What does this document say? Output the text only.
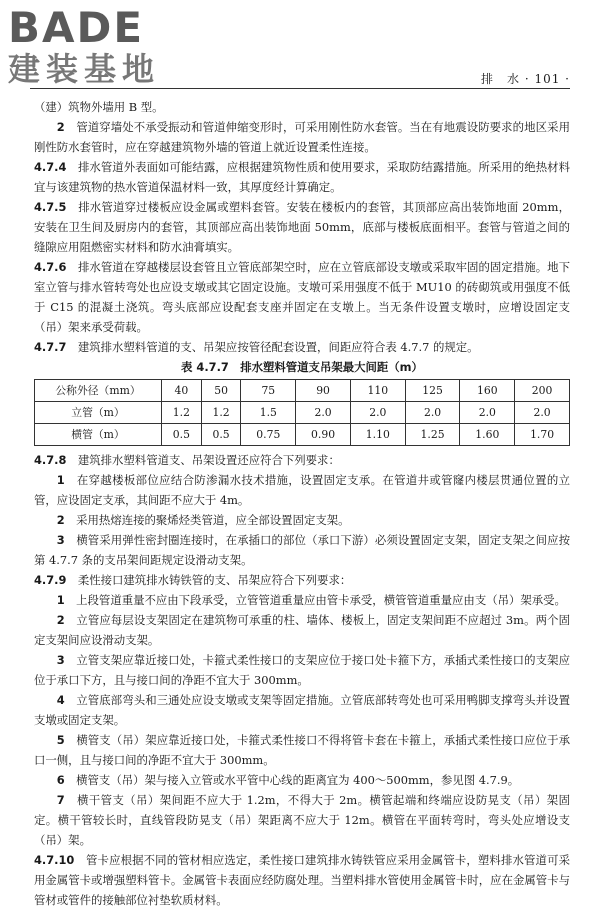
BADE
建装基地	排　水 · 101 ·

（建）筑物外墙用 B 型。

2　 管道穿墙处不承受振动和管道伸缩变形时，可采用刚性防水套管。当在有地震设防要求的地区采用刚性防水套管时，应在穿越建筑物外墙的管道上就近设置柔性连接。

4.7.4　 排水管道外表面如可能结露，应根据建筑物性质和使用要求，采取防结露措施。所采用的绝热材料宜与该建筑物的热水管道保温材料一致，其厚度经计算确定。

4.7.5　 排水管道穿过楼板应设金属或塑料套管。安装在楼板内的套管，其顶部应高出装饰地面 20mm，安装在卫生间及厨房内的套管，其顶部应高出装饰地面 50mm，底部与楼板底面相平。套管与管道之间的缝隙应用阻燃密实材料和防水油膏填实。

4.7.6　 排水管道在穿越楼层设套管且立管底部架空时，应在立管底部设支墩或采取牢固的固定措施。地下室立管与排水管转弯处也应设支墩或其它固定设施。支墩可采用强度不低于 MU10 的砖砌筑或用强度不低于 C15 的混凝土浇筑。弯头底部应设配套支座并固定在支墩上。当无条件设置支墩时，应增设固定支（吊）架来承受荷载。

4.7.7　 建筑排水塑料管道的支、吊架应按管径配套设置，间距应符合表 4.7.7 的规定。

表 4.7.7　排水塑料管道支吊架最大间距（m）

公称外径（mm）	40	50	75	90	110	125	160	200
立管（m）	1.2	1.2	1.5	2.0	2.0	2.0	2.0	2.0
横管（m）	0.5	0.5	0.75	0.90	1.10	1.25	1.60	1.70

4.7.8　 建筑排水塑料管道支、吊架设置还应符合下列要求：

1　 在穿越楼板部位应结合防渗漏水技术措施，设置固定支承。在管道井或管窿内楼层贯通位置的立管，应设固定支承，其间距不应大于 4m。

2　 采用热熔连接的聚烯烃类管道，应全部设置固定支架。

3　 横管采用弹性密封圈连接时，在承插口的部位（承口下游）必须设置固定支架，固定支架之间应按第 4.7.7 条的支吊架间距规定设滑动支架。

4.7.9　 柔性接口建筑排水铸铁管的支、吊架应符合下列要求：

1　 上段管道重量不应由下段承受，立管管道重量应由管卡承受，横管管道重量应由支（吊）架承受。

2　 立管应每层设支架固定在建筑物可承重的柱、墙体、楼板上，固定支架间距不应超过 3m。两个固定支架间应设滑动支架。

3　 立管支架应靠近接口处，卡箍式柔性接口的支架应位于接口处卡箍下方，承插式柔性接口的支架应位于承口下方，且与接口间的净距不宜大于 300mm。

4　 立管底部弯头和三通处应设支墩或支架等固定措施。立管底部转弯处也可采用鸭脚支撑弯头并设置支墩或固定支架。

5　 横管支（吊）架应靠近接口处，卡箍式柔性接口不得将管卡套在卡箍上，承插式柔性接口应位于承口一侧，且与接口间的净距不宜大于 300mm。

6　 横管支（吊）架与接入立管或水平管中心线的距离宜为 400～500mm，参见图 4.7.9。

7　 横干管支（吊）架间距不应大于 1.2m，不得大于 2m。横管起端和终端应设防晃支（吊）架固定。横干管较长时，直线管段防晃支（吊）架距离不应大于 12m。横管在平面转弯时，弯头处应增设支（吊）架。

4.7.10　 管卡应根据不同的管材相应选定，柔性接口建筑排水铸铁管应采用金属管卡，塑料排水管道可采用金属管卡或增强塑料管卡。金属管卡表面应经防腐处理。当塑料排水管使用金属管卡时，应在金属管卡与管材或管件的接触部位衬垫软质材料。
